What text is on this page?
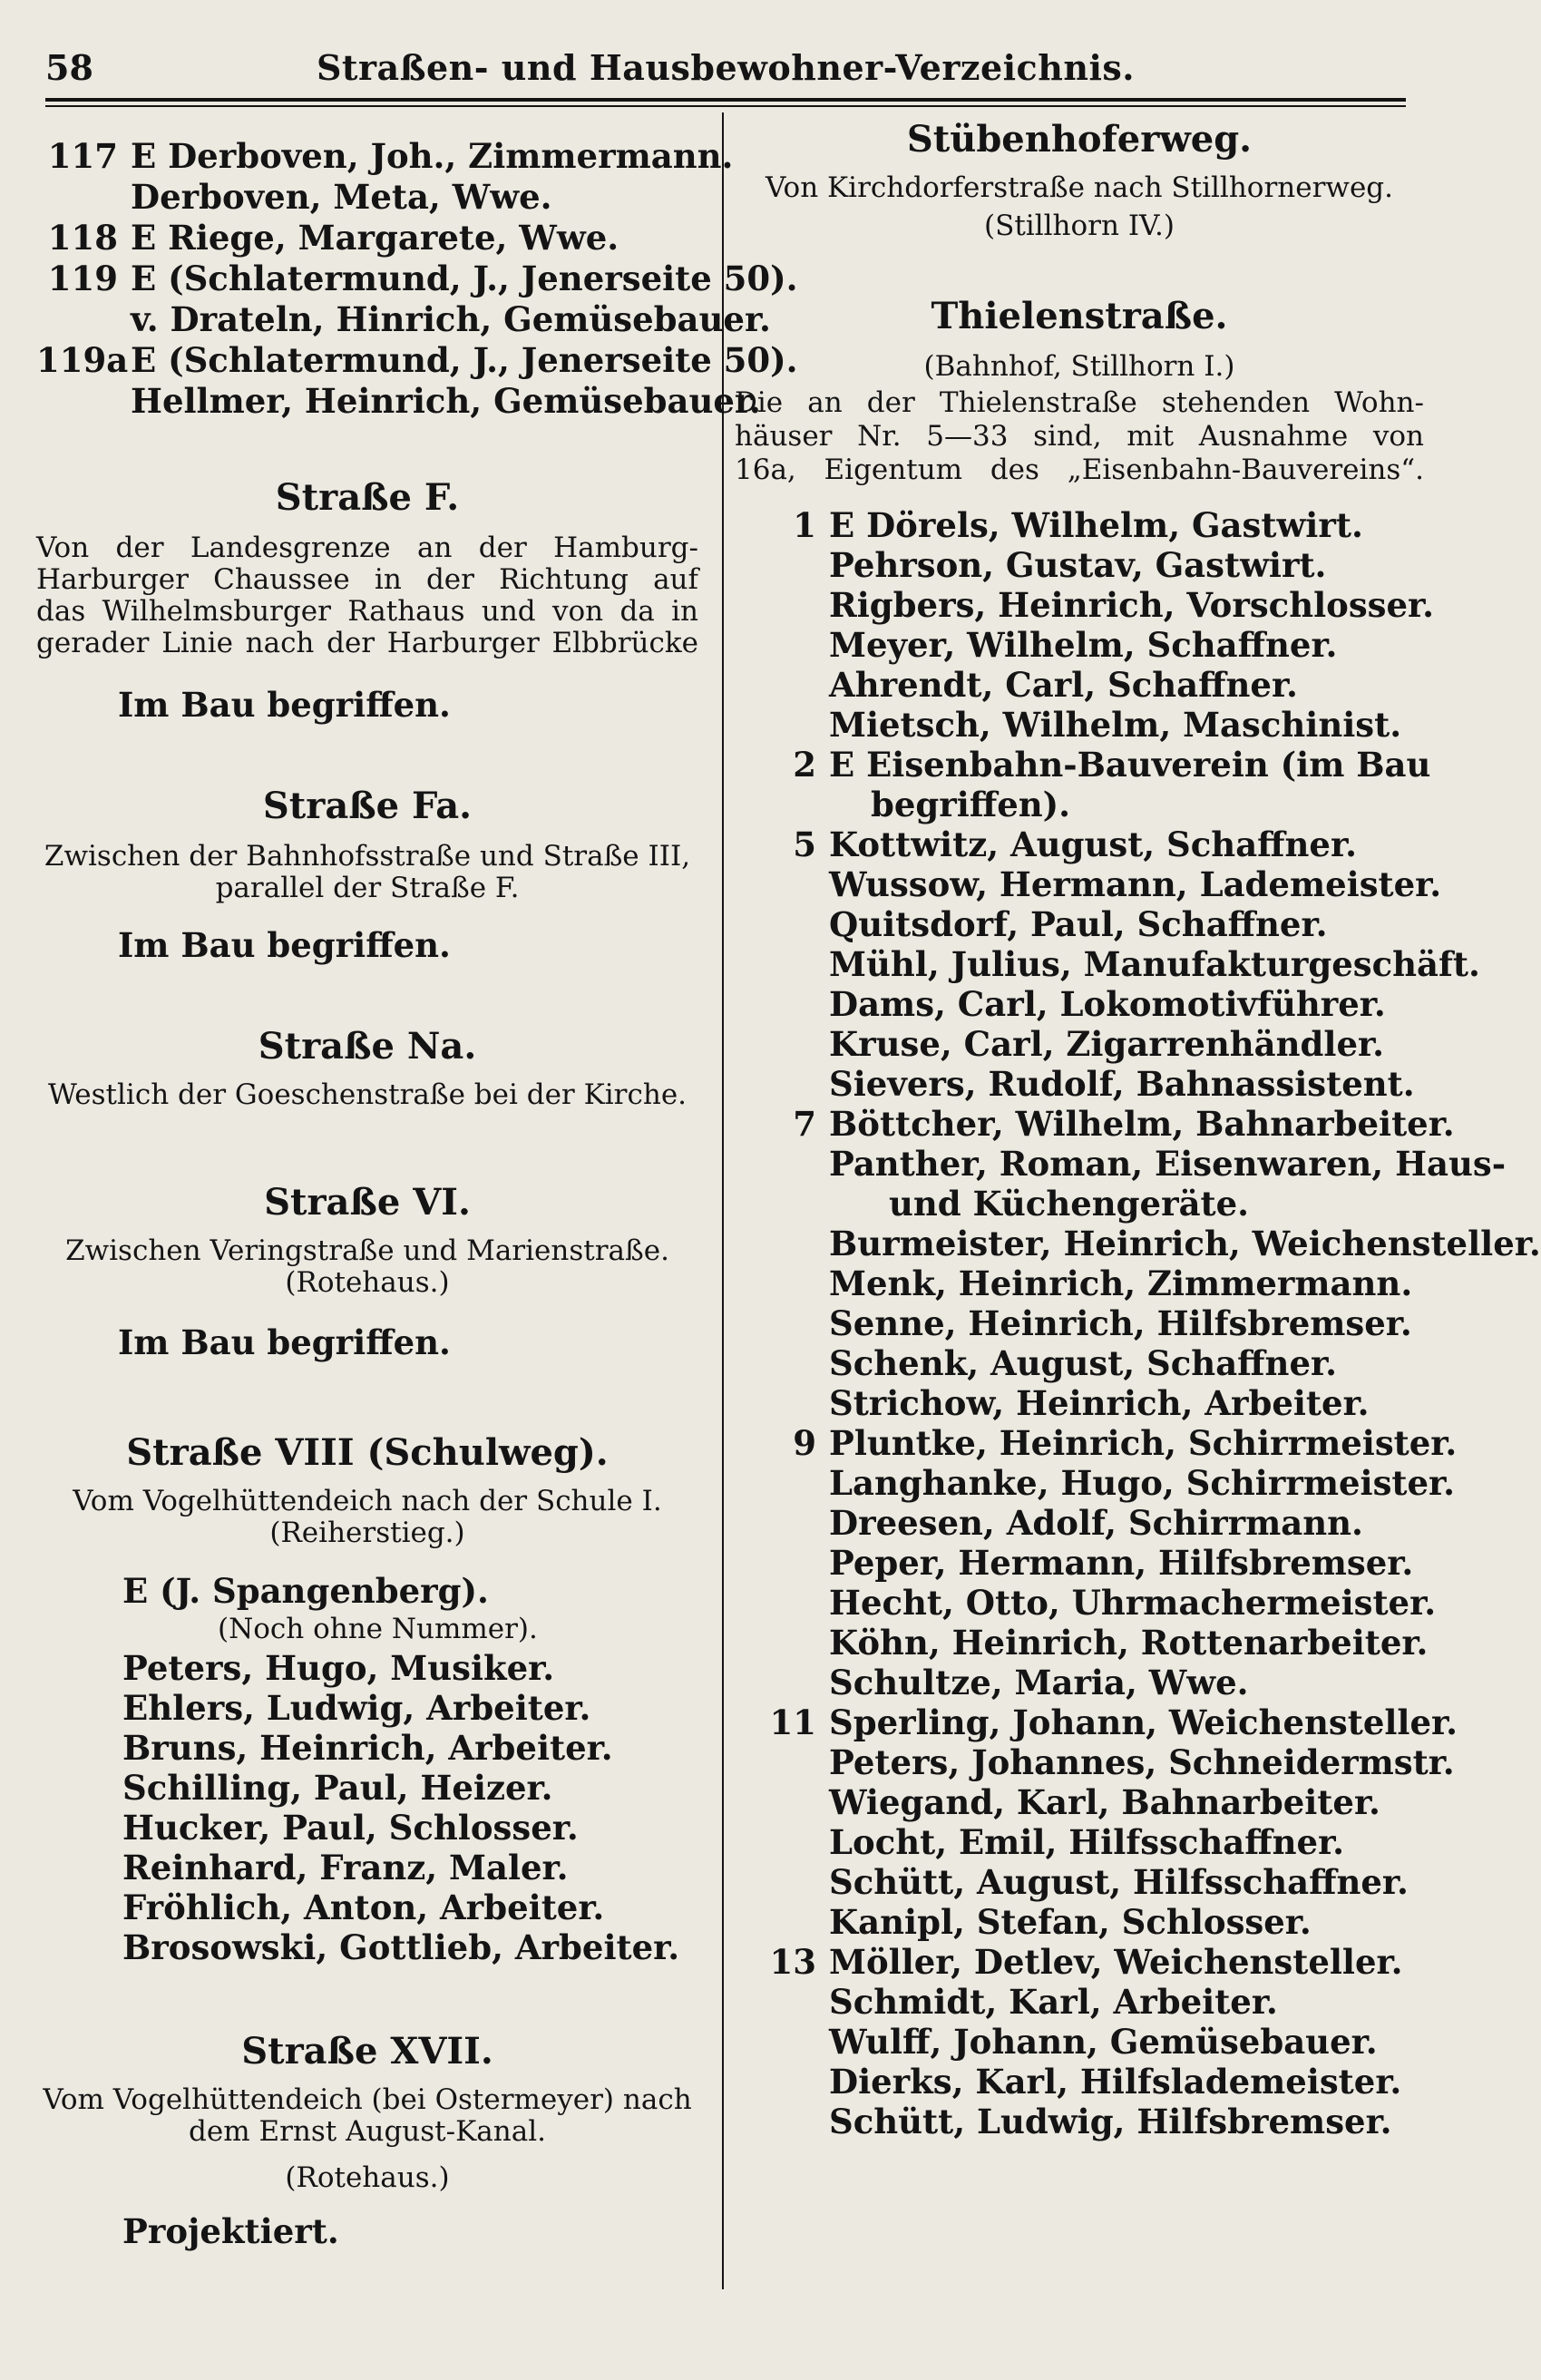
58	Straßen- und Hausbewohner-Verzeichnis.
117 E Derboven, Joh., Zimmermann.
Derboven, Meta, Wwe.
118 E Riege, Margarete, Wwe.
119 E (Schlatermund, J., Jenerseite 50).
v. Drateln, Hinrich, Gemüsebauer.
119aE (Schlatermund, J., Jenerseite 50).
Hellmer, Heinrich, Gemüsebauer.
Straße F.
Von der Landesgrenze an der Hamburg-
Harburger Chaussee in der Richtung auf
das Wilhelmsburger Rathaus und von da in
gerader Linie nach der Harburger Elbbrücke
Im Bau begriffen.
Straße Fa.
Zwischen der Bahnhofsstraße und Straße III,
parallel der Straße F.
Im Bau begriffen.
Straße Na.
Westlich der Goeschenstraße bei der Kirche.
Straße VI.
Zwischen Veringstraße und Marienstraße.
(Rotehaus.)
Im Bau begriffen.
Straße VIII (Schulweg).
Vom Vogelhüttendeich nach der Schule I.
(Reiherstieg.)
E (J. Spangenberg).
(Noch ohne Nummer).
Peters, Hugo, Musiker.
Ehlers, Ludwig, Arbeiter.
Bruns, Heinrich, Arbeiter.
Schilling, Paul, Heizer.
Hucker, Paul, Schlosser.
Reinhard, Franz, Maler.
Fröhlich, Anton, Arbeiter.
Brosowski, Gottlieb, Arbeiter.
Straße XVII.
Vom Vogelhüttendeich (bei Ostermeyer) nach
dem Ernst August-Kanal.
(Rotehaus.)
Projektiert.
Stübenhoferweg.
Von Kirchdorferstraße nach Stillhornerweg.
(Stillhorn IV.)
Thielenstraße.
(Bahnhof, Stillhorn I.)
Die an der Thielenstraße stehenden Wohn-
häuser Nr. 5—33 sind, mit Ausnahme von
16a, Eigentum des „Eisenbahn-Bauvereins“.
1 E Dörels, Wilhelm, Gastwirt.
Pehrson, Gustav, Gastwirt.
Rigbers, Heinrich, Vorschlosser.
Meyer, Wilhelm, Schaffner.
Ahrendt, Carl, Schaffner.
Mietsch, Wilhelm, Maschinist.
2 E Eisenbahn-Bauverein (im Bau
begriffen).
5 Kottwitz, August, Schaffner.
Wussow, Hermann, Lademeister.
Quitsdorf, Paul, Schaffner.
Mühl, Julius, Manufakturgeschäft.
Dams, Carl, Lokomotivführer.
Kruse, Carl, Zigarrenhändler.
Sievers, Rudolf, Bahnassistent.
7 Böttcher, Wilhelm, Bahnarbeiter.
Panther, Roman, Eisenwaren, Haus-
und Küchengeräte.
Burmeister, Heinrich, Weichensteller.
Menk, Heinrich, Zimmermann.
Senne, Heinrich, Hilfsbremser.
Schenk, August, Schaffner.
Strichow, Heinrich, Arbeiter.
9 Pluntke, Heinrich, Schirrmeister.
Langhanke, Hugo, Schirrmeister.
Dreesen, Adolf, Schirrmann.
Peper, Hermann, Hilfsbremser.
Hecht, Otto, Uhrmachermeister.
Köhn, Heinrich, Rottenarbeiter.
Schultze, Maria, Wwe.
11 Sperling, Johann, Weichensteller.
Peters, Johannes, Schneidermstr.
Wiegand, Karl, Bahnarbeiter.
Locht, Emil, Hilfsschaffner.
Schütt, August, Hilfsschaffner.
Kanipl, Stefan, Schlosser.
13 Möller, Detlev, Weichensteller.
Schmidt, Karl, Arbeiter.
Wulff, Johann, Gemüsebauer.
Dierks, Karl, Hilfslademeister.
Schütt, Ludwig, Hilfsbremser.
